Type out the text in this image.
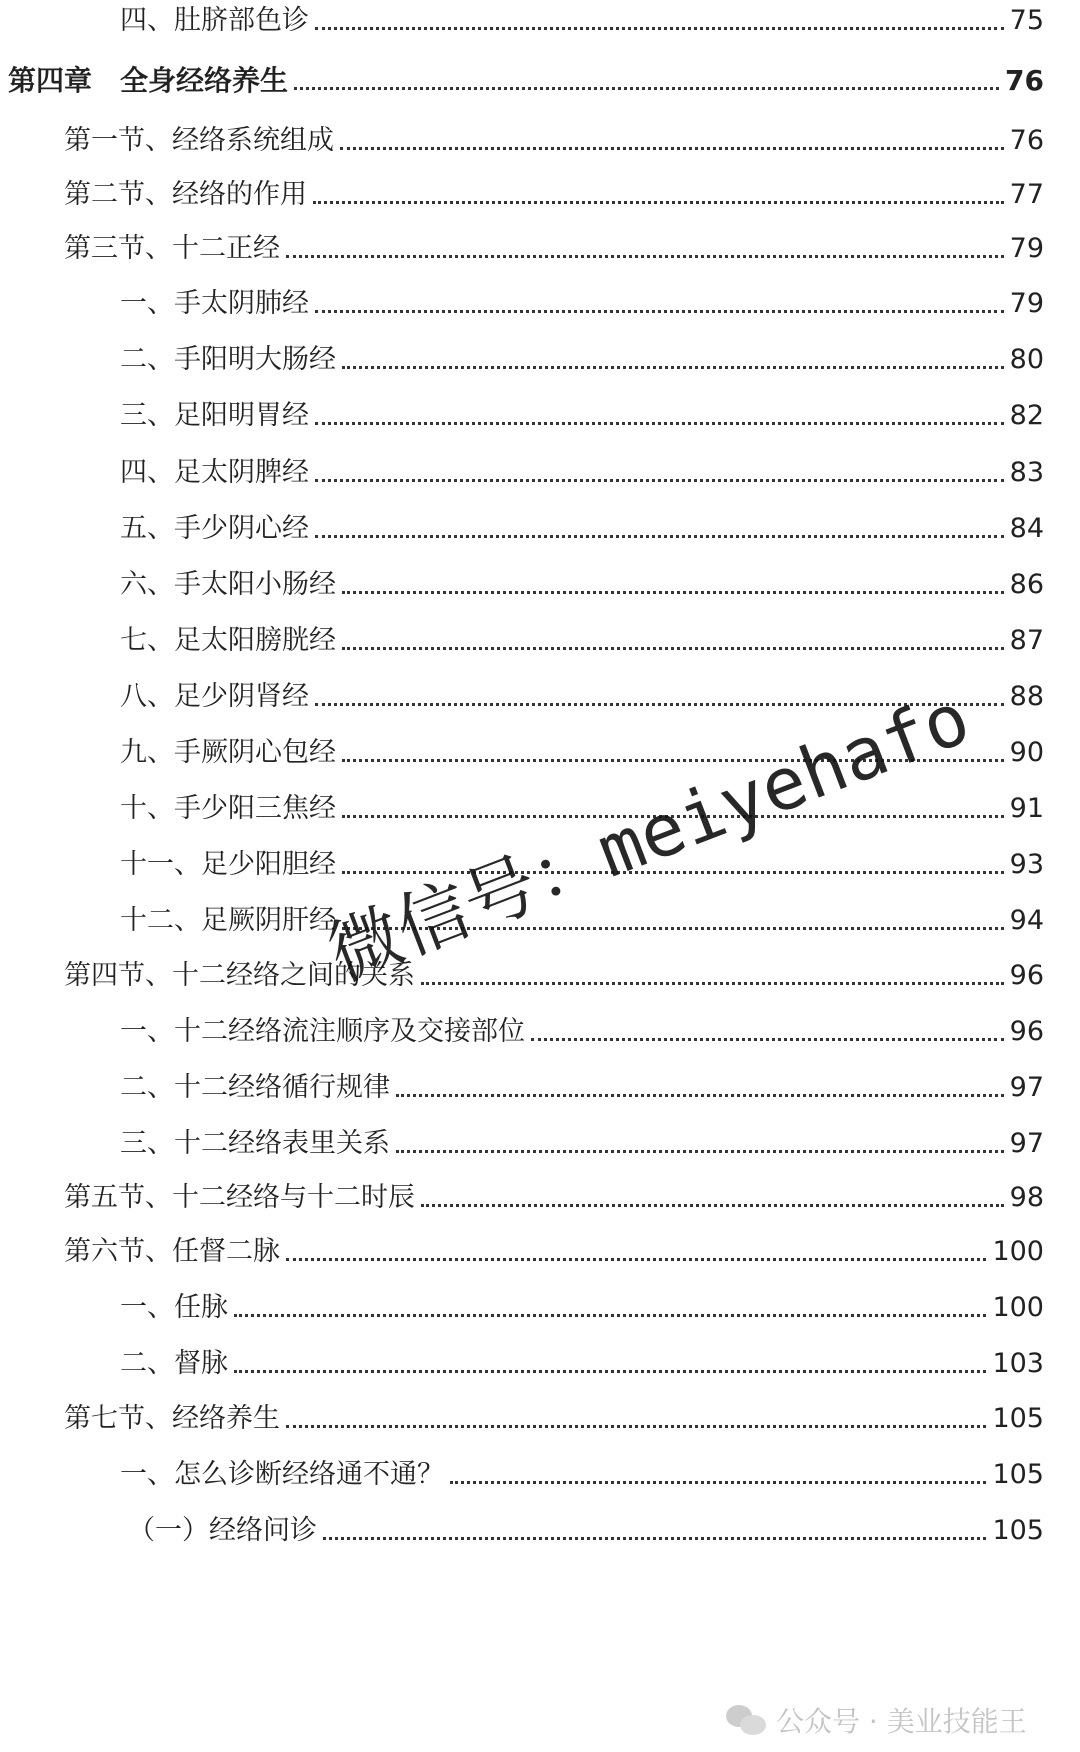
四、肚脐部色诊	75
第四章　全身经络养生	76
第一节、经络系统组成	76
第二节、经络的作用	77
第三节、十二正经	79
一、手太阴肺经	79
二、手阳明大肠经	80
三、足阳明胃经	82
四、足太阴脾经	83
五、手少阴心经	84
六、手太阳小肠经	86
七、足太阳膀胱经	87
八、足少阴肾经	88
九、手厥阴心包经	90
十、手少阳三焦经	91
十一、足少阳胆经	93
十二、足厥阴肝经	94
第四节、十二经络之间的关系	96
一、十二经络流注顺序及交接部位	96
二、十二经络循行规律	97
三、十二经络表里关系	97
第五节、十二经络与十二时辰	98
第六节、任督二脉	100
一、任脉	100
二、督脉	103
第七节、经络养生	105
一、怎么诊断经络通不通？	105
（一）经络问诊	105
微信号：meiyehafo
公众号 · 美业技能王
